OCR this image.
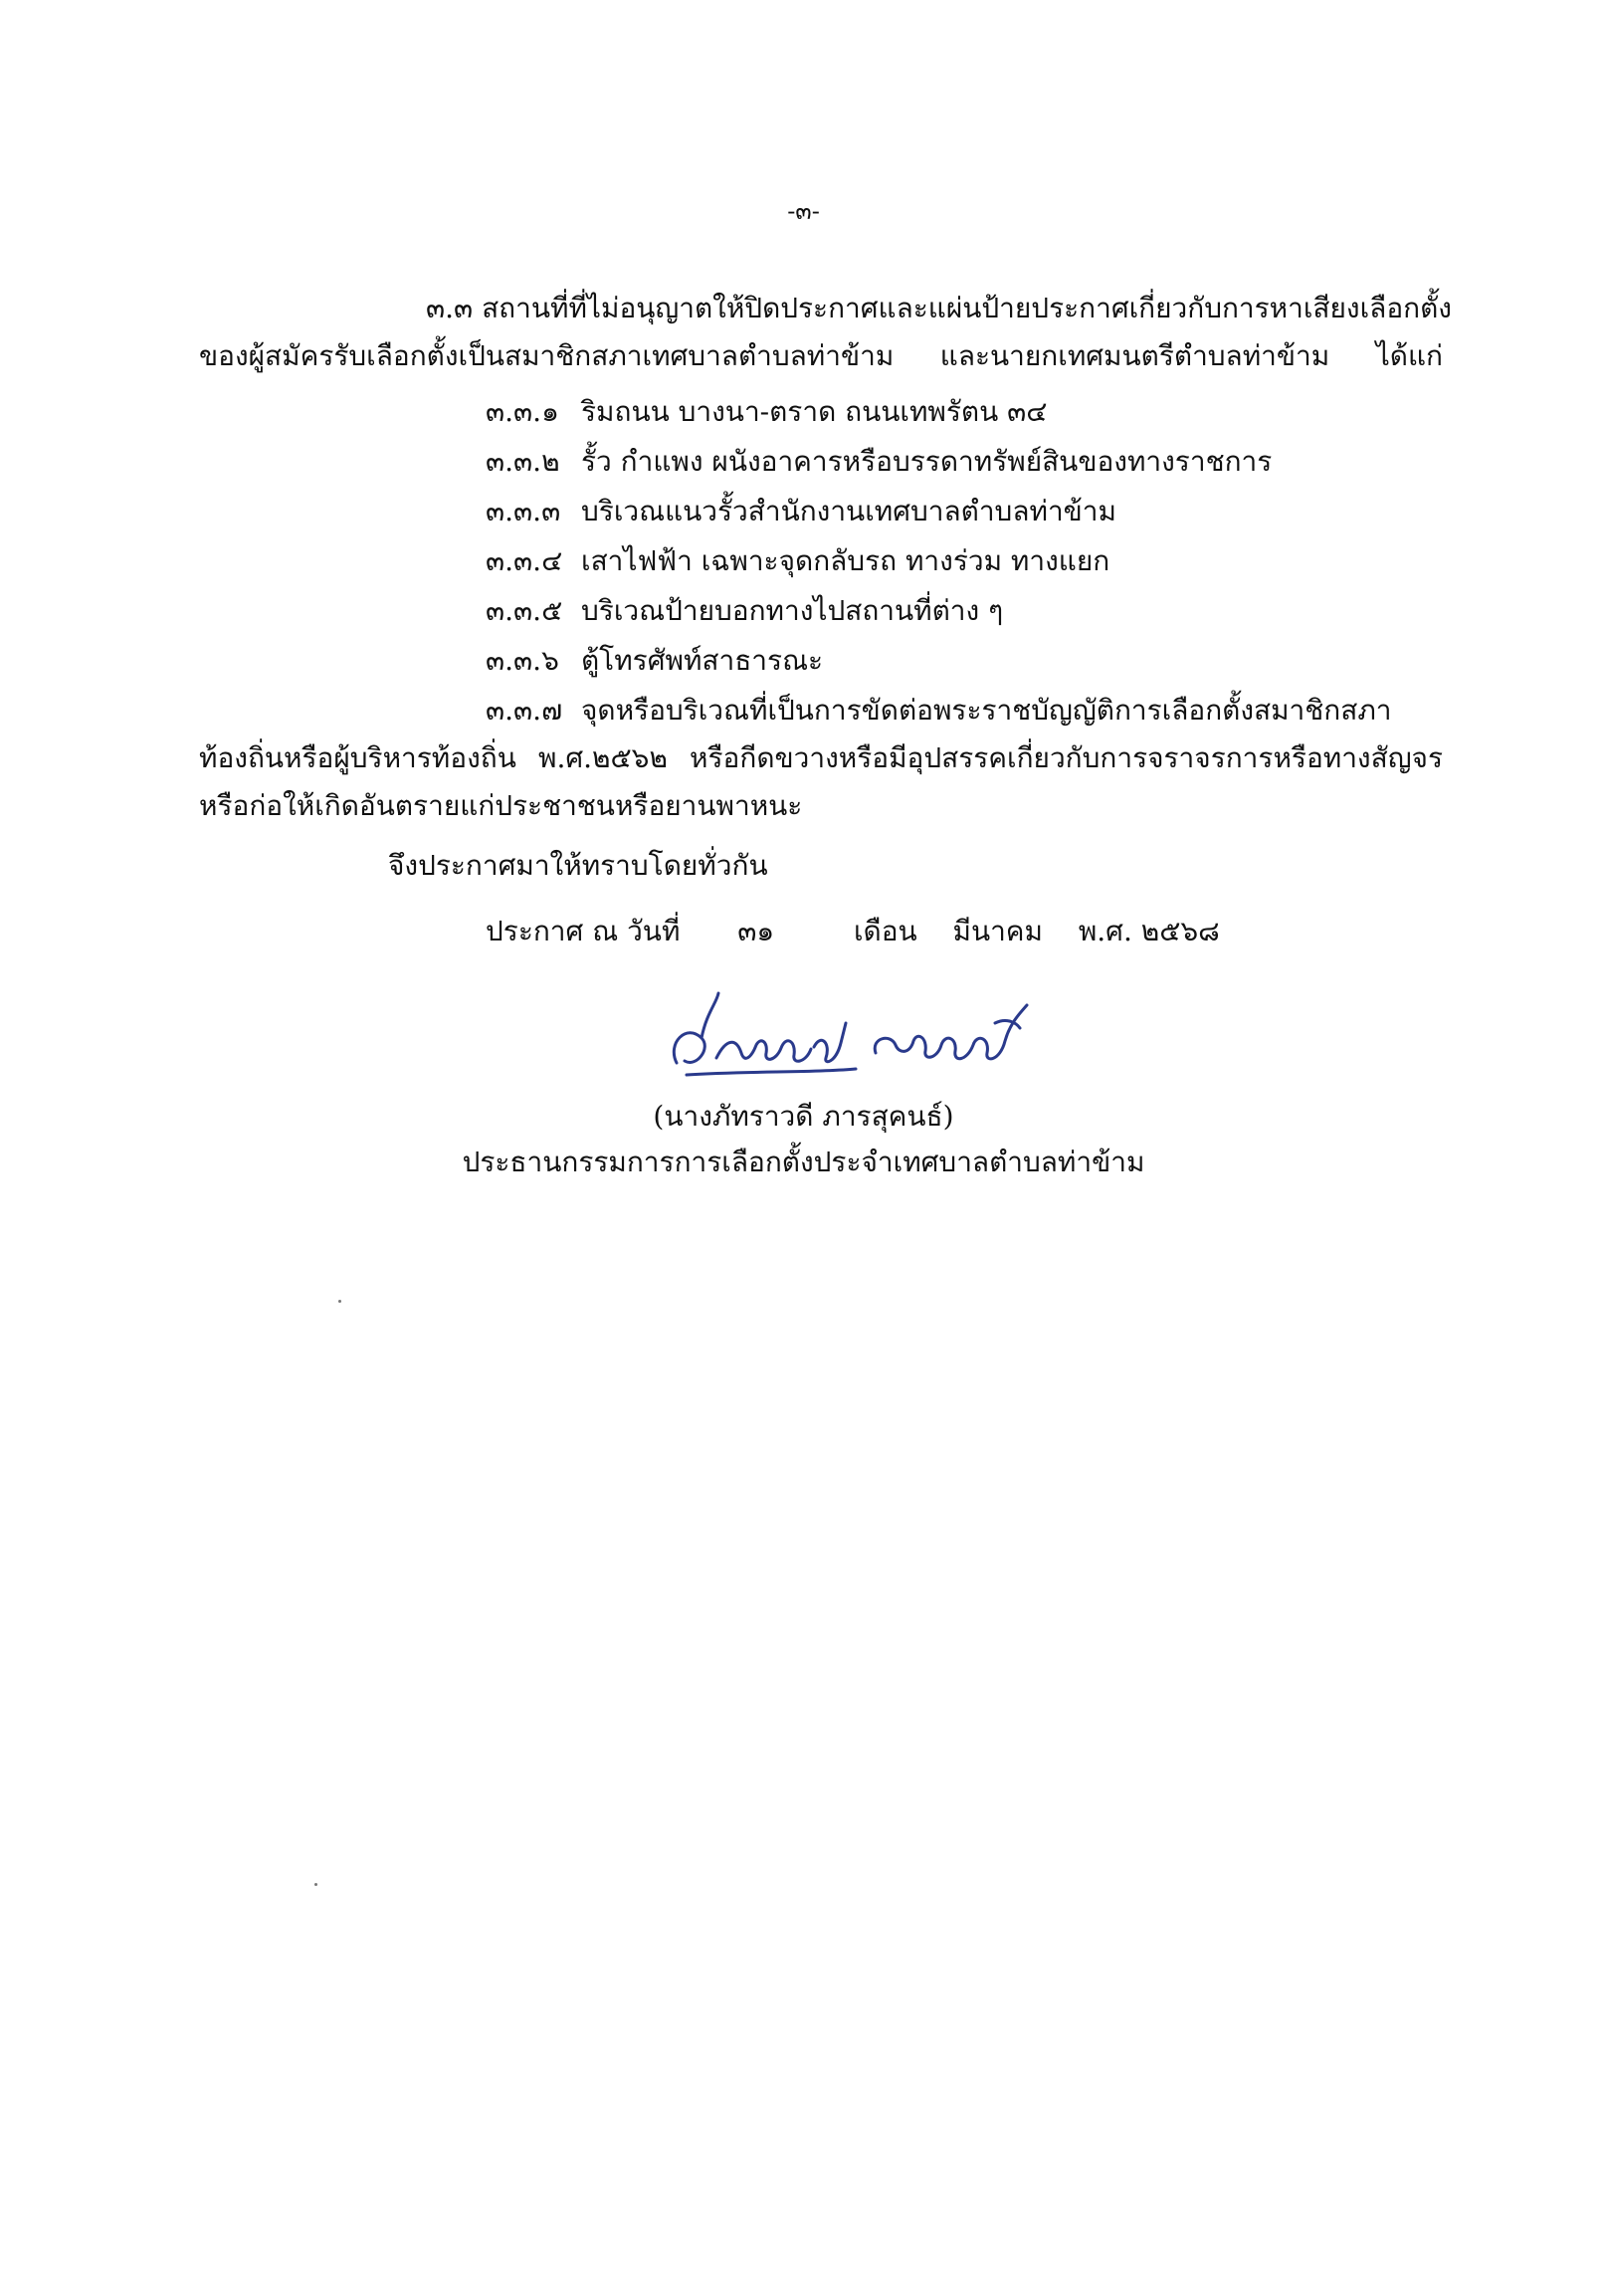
-๓-
๓.๓ สถานที่ที่ไม่อนุญาตให้ปิดประกาศและแผ่นป้ายประกาศเกี่ยวกับการหาเสียงเลือกตั้ง
ของผู้สมัครรับเลือกตั้งเป็นสมาชิกสภาเทศบาลตำบลท่าข้าม และนายกเทศมนตรีตำบลท่าข้าม ได้แก่
๓.๓.๑ ริมถนน บางนา-ตราด ถนนเทพรัตน ๓๔
๓.๓.๒ รั้ว กำแพง ผนังอาคารหรือบรรดาทรัพย์สินของทางราชการ
๓.๓.๓ บริเวณแนวรั้วสำนักงานเทศบาลตำบลท่าข้าม
๓.๓.๔ เสาไฟฟ้า เฉพาะจุดกลับรถ ทางร่วม ทางแยก
๓.๓.๕ บริเวณป้ายบอกทางไปสถานที่ต่าง ๆ
๓.๓.๖ ตู้โทรศัพท์สาธารณะ
๓.๓.๗ จุดหรือบริเวณที่เป็นการขัดต่อพระราชบัญญัติการเลือกตั้งสมาชิกสภา
ท้องถิ่นหรือผู้บริหารท้องถิ่น พ.ศ.๒๕๖๒ หรือกีดขวางหรือมีอุปสรรคเกี่ยวกับการจราจรการหรือทางสัญจร
หรือก่อให้เกิดอันตรายแก่ประชาชนหรือยานพาหนะ
จึงประกาศมาให้ทราบโดยทั่วกัน
ประกาศ ณ วันที่ ๓๑	เดือน มีนาคม พ.ศ. ๒๕๖๘
(นางภัทราวดี ภารสุคนธ์)
ประธานกรรมการการเลือกตั้งประจำเทศบาลตำบลท่าข้าม
